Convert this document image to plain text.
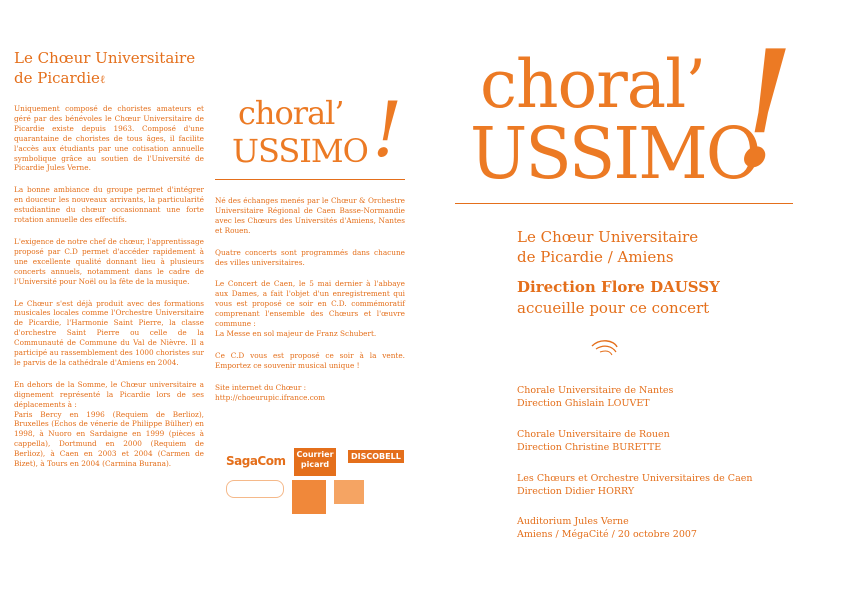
Le Chœur Universitaire
de Picardieℓ

Uniquement composé de choristes amateurs et géré par des bénévoles le Chœur Universitaire de Picardie existe depuis 1963. Composé d'une quarantaine de choristes de tous âges, il facilite l'accès aux étudiants par une cotisation annuelle symbolique grâce au soutien de l'Université de Picardie Jules Verne.

La bonne ambiance du groupe permet d'intégrer en douceur les nouveaux arrivants, la particularité estudiantine du chœur occasionnant une forte rotation annuelle des effectifs.

L'exigence de notre chef de chœur, l'apprentissage proposé par C.D permet d'accéder rapidement à une excellente qualité donnant lieu à plusieurs concerts annuels, notamment dans le cadre de l'Université pour Noël ou la fête de la musique.

Le Chœur s'est déjà produit avec des formations musicales locales comme l'Orchestre Universitaire de Picardie, l'Harmonie Saint Pierre, la classe d'orchestre Saint Pierre ou celle de la Communauté de Commune du Val de Nièvre. Il a participé au rassemblement des 1000 choristes sur le parvis de la cathédrale d'Amiens en 2004.

En dehors de la Somme, le Chœur universitaire a dignement représenté la Picardie lors de ses déplacements à :

Paris Bercy en 1996 (Requiem de Berlioz), Bruxelles (Echos de vénerie de Philippe Bülher) en 1998, à Nuoro en Sardaigne en 1999 (pièces à cappella), Dortmund en 2000 (Requiem de Berlioz), à Caen en 2003 et 2004 (Carmen de Bizet), à Tours en 2004 (Carmina Burana).

choral’
USSIMO !

Né des échanges menés par le Chœur & Orchestre Universitaire Régional de Caen Basse-Normandie avec les Chœurs des Universités d'Amiens, Nantes et Rouen.

Quatre concerts sont programmés dans chacune des villes universitaires.

Le Concert de Caen, le 5 mai dernier à l'abbaye aux Dames, a fait l'objet d'un enregistrement qui vous est proposé ce soir en C.D. commémoratif comprenant l'ensemble des Chœurs et l'œuvre commune :

La Messe en sol majeur de Franz Schubert.

Ce C.D vous est proposé ce soir à la vente. Emportez ce souvenir musical unique !

Site internet du Chœur :

http://choeurupic.ifrance.com

SagaCom	Courrier picard
DISCOBELL
choral’
USSIMO
!
Le Chœur Universitaire
de Picardie / Amiens
Direction Flore DAUSSY
accueille pour ce concert
Chorale Universitaire de Nantes
Direction Ghislain LOUVET
Chorale Universitaire de Rouen
Direction Christine BURETTE
Les Chœurs et Orchestre Universitaires de Caen
Direction Didier HORRY
Auditorium Jules Verne
Amiens / MégaCité / 20 octobre 2007
